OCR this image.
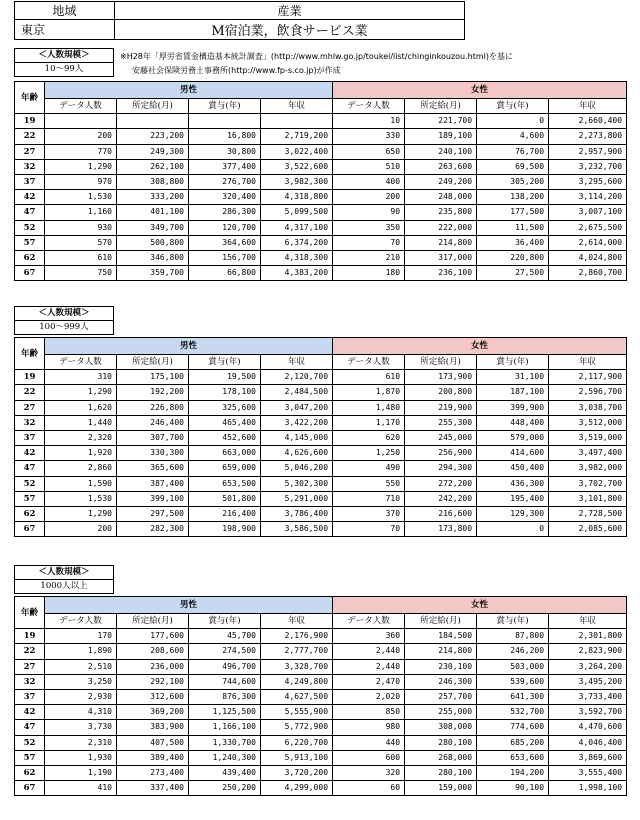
地域	産業
東京	M宿泊業，飲食サービス業
※H28年「厚労省賃金構造基本統計調査」(http://www.mhlw.go.jp/toukei/list/chinginkouzou.html)を基に
安藤社会保険労務士事務所(http://www.fp-s.co.jp)が作成
＜人数規模＞
10～99人
年齢	男性				女性			
	データ人数	所定給(月)	賞与(年)	年収	データ人数	所定給(月)	賞与(年)	年収
19					10	221,700	0	2,660,400
22	200	223,200	16,800	2,719,200	330	189,100	4,600	2,273,800
27	770	249,300	30,800	3,022,400	650	240,100	76,700	2,957,900
32	1,290	262,100	377,400	3,522,600	510	263,600	69,500	3,232,700
37	970	308,800	276,700	3,982,300	400	249,200	305,200	3,295,600
42	1,530	333,200	320,400	4,318,800	200	248,000	138,200	3,114,200
47	1,160	401,100	286,300	5,099,500	90	235,800	177,500	3,007,100
52	930	349,700	120,700	4,317,100	350	222,000	11,500	2,675,500
57	570	500,800	364,600	6,374,200	70	214,800	36,400	2,614,000
62	610	346,800	156,700	4,318,300	210	317,000	220,800	4,024,800
67	750	359,700	66,800	4,383,200	180	236,100	27,500	2,860,700
＜人数規模＞
100～999人
年齢	男性				女性			
	データ人数	所定給(月)	賞与(年)	年収	データ人数	所定給(月)	賞与(年)	年収
19	310	175,100	19,500	2,120,700	610	173,900	31,100	2,117,900
22	1,290	192,200	178,100	2,484,500	1,870	200,800	187,100	2,596,700
27	1,620	226,800	325,600	3,047,200	1,480	219,900	399,900	3,038,700
32	1,440	246,400	465,400	3,422,200	1,170	255,300	448,400	3,512,000
37	2,320	307,700	452,600	4,145,000	620	245,000	579,000	3,519,000
42	1,920	330,300	663,000	4,626,600	1,250	256,900	414,600	3,497,400
47	2,860	365,600	659,000	5,046,200	490	294,300	450,400	3,982,000
52	1,590	387,400	653,500	5,302,300	550	272,200	436,300	3,702,700
57	1,530	399,100	501,800	5,291,000	710	242,200	195,400	3,101,800
62	1,290	297,500	216,400	3,786,400	370	216,600	129,300	2,728,500
67	200	282,300	198,900	3,586,500	70	173,800	0	2,085,600
＜人数規模＞
1000人以上
年齢	男性				女性			
	データ人数	所定給(月)	賞与(年)	年収	データ人数	所定給(月)	賞与(年)	年収
19	170	177,600	45,700	2,176,900	360	184,500	87,800	2,301,800
22	1,890	208,600	274,500	2,777,700	2,440	214,800	246,200	2,823,900
27	2,510	236,000	496,700	3,328,700	2,440	230,100	503,000	3,264,200
32	3,250	292,100	744,600	4,249,800	2,470	246,300	539,600	3,495,200
37	2,930	312,600	876,300	4,627,500	2,020	257,700	641,300	3,733,400
42	4,310	369,200	1,125,500	5,555,900	850	255,000	532,700	3,592,700
47	3,730	383,900	1,166,100	5,772,900	980	308,000	774,600	4,470,600
52	2,310	407,500	1,330,700	6,220,700	440	280,100	685,200	4,046,400
57	1,930	389,400	1,240,300	5,913,100	600	268,000	653,600	3,869,600
62	1,190	273,400	439,400	3,720,200	320	280,100	194,200	3,555,400
67	410	337,400	250,200	4,299,000	60	159,000	90,100	1,998,100
